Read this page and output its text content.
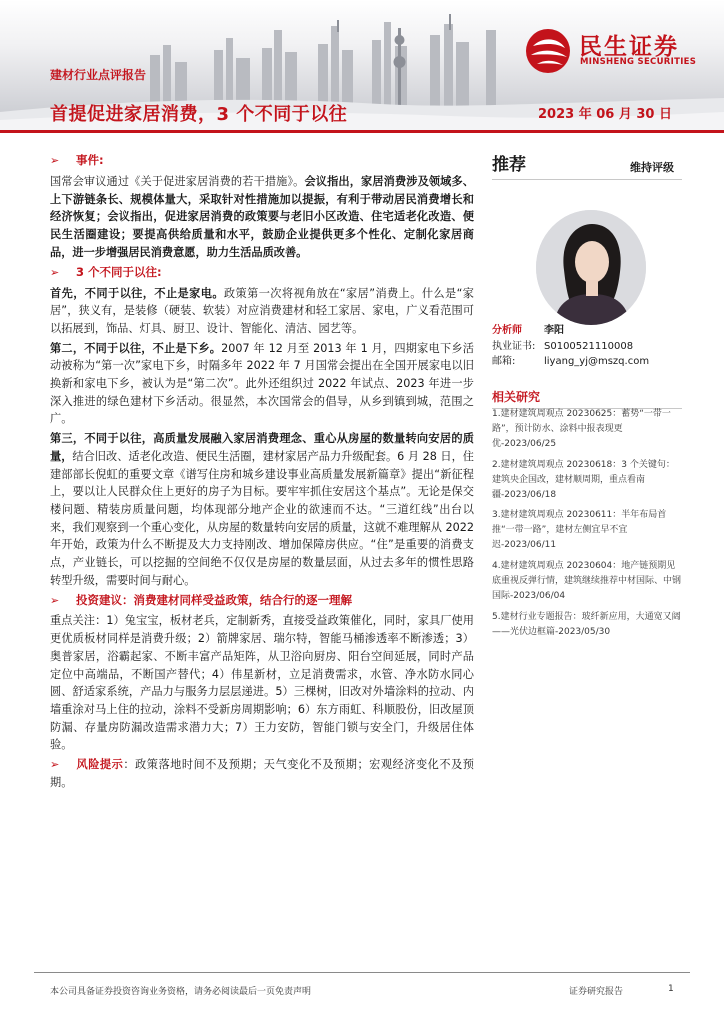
建材行业点评报告
首提促进家居消费，3 个不同于以往	2023 年 06 月 30 日
民生证券
MINSHENG SECURITIES
➢	事件:
国常会审议通过《关于促进家居消费的若干措施》。会议指出，家居消费涉及领域多、上下游链条长、规模体量大，采取针对性措施加以提振，有利于带动居民消费增长和经济恢复；会议指出，促进家居消费的政策要与老旧小区改造、住宅适老化改造、便民生活圈建设；要提高供给质量和水平，鼓励企业提供更多个性化、定制化家居商品，进一步增强居民消费意愿，助力生活品质改善。
➢	3 个不同于以往:
首先，不同于以往，不止是家电。政策第一次将视角放在“家居”消费上。什么是“家居”，狭义有，是装修（硬装、软装）对应消费建材和轻工家居、家电，广义看范围可以拓展到，饰品、灯具、厨卫、设计、智能化、清洁、园艺等。
第二，不同于以往，不止是下乡。2007 年 12 月至 2013 年 1 月，四期家电下乡活动被称为“第一次”家电下乡，时隔多年 2022 年 7 月国常会提出在全国开展家电以旧换新和家电下乡，被认为是“第二次”。此外还组织过 2022 年试点、2023 年进一步深入推进的绿色建材下乡活动。很显然，本次国常会的倡导，从乡到镇到城，范围之广。
第三，不同于以往，高质量发展融入家居消费理念、重心从房屋的数量转向安居的质量，结合旧改、适老化改造、便民生活圈，建材家居产品力升级配套。6 月 28 日，住建部部长倪虹的重要文章《谱写住房和城乡建设事业高质量发展新篇章》提出“新征程上，要以让人民群众住上更好的房子为目标。要牢牢抓住安居这个基点”。无论是保交楼问题、精装房质量问题，均体现部分地产企业的欲速而不达。“三道红线”出台以来，我们观察到一个重心变化，从房屋的数量转向安居的质量，这就不难理解从 2022 年开始，政策为什么不断提及大力支持刚改、增加保障房供应。“住”是重要的消费支点，产业链长，可以挖掘的空间绝不仅仅是房屋的数量层面，从过去多年的惯性思路转型升级，需要时间与耐心。
➢	投资建议：消费建材同样受益政策，结合行的逐一理解
重点关注：1）兔宝宝，板材老兵，定制新秀，直接受益政策催化，同时，家具厂使用更优质板材同样是消费升级；2）箭牌家居、瑞尔特，智能马桶渗透率不断渗透；3）奥普家居，浴霸起家、不断丰富产品矩阵，从卫浴向厨房、阳台空间延展，同时产品定位中高端品，不断国产替代；4）伟星新材，立足消费需求，水管、净水防水同心圆、舒适家系统，产品力与服务力层层递进。5）三棵树，旧改对外墙涂料的拉动、内墙重涂对马上住的拉动，涂料不受新房周期影响；6）东方雨虹、科顺股份，旧改屋顶防漏、存量房防漏改造需求潜力大；7）王力安防，智能门锁与安全门，升级居住体验。
➢ 风险提示：政策落地时间不及预期；天气变化不及预期；宏观经济变化不及预期。
推荐	维持评级
分析师	李阳
执业证书: S0100521110008
邮箱:	liyang_yj@mszq.com
相关研究
1.建材建筑周观点 20230625：蓄势“一带一路”，预计防水、涂料中报表现更优-2023/06/25
2.建材建筑周观点 20230618：3 个关键句：建筑央企国改，建材顺周期，重点看南疆-2023/06/18
3.建材建筑周观点 20230611：半年布局首推“一带一路”，建材左侧宜早不宜迟-2023/06/11
4.建材建筑周观点 20230604：地产链预期见底重视反弹行情，建筑继续推荐中材国际、中钢国际-2023/06/04
5.建材行业专题报告：玻纤新应用，大通宽又阔——光伏边框篇-2023/05/30
本公司具备证券投资咨询业务资格，请务必阅读最后一页免责声明	证券研究报告	1
